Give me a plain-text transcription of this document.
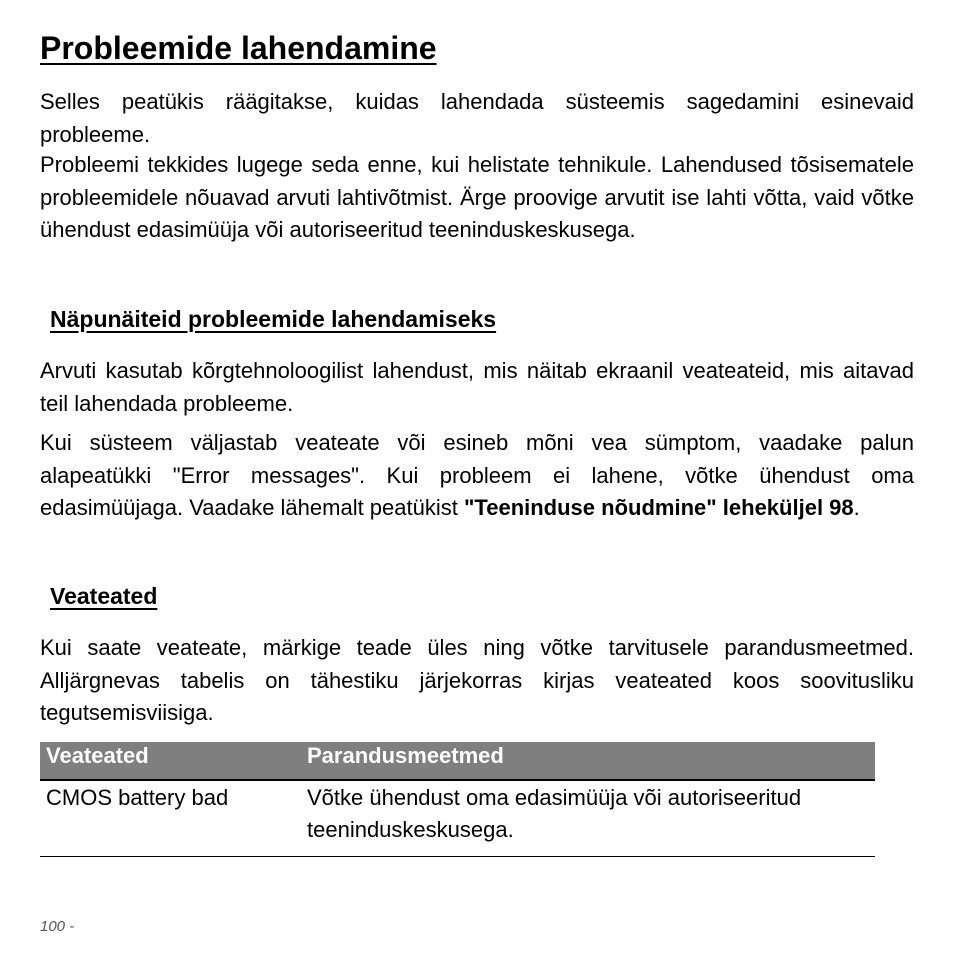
Probleemide lahendamine

Selles peatükis räägitakse, kuidas lahendada süsteemis sagedamini esinevaid probleeme.

Probleemi tekkides lugege seda enne, kui helistate tehnikule. Lahendused tõsisematele probleemidele nõuavad arvuti lahtivõtmist. Ärge proovige arvutit ise lahti võtta, vaid võtke ühendust edasimüüja või autoriseeritud teeninduskeskusega.

Näpunäiteid probleemide lahendamiseks

Arvuti kasutab kõrgtehnoloogilist lahendust, mis näitab ekraanil veateateid, mis aitavad teil lahendada probleeme.

Kui süsteem väljastab veateate või esineb mõni vea sümptom, vaadake palun alapeatükki "Error messages". Kui probleem ei lahene, võtke ühendust oma edasimüüjaga. Vaadake lähemalt peatükist "Teeninduse nõudmine" leheküljel 98.

Veateated

Kui saate veateate, märkige teade üles ning võtke tarvitusele parandusmeetmed. Alljärgnevas tabelis on tähestiku järjekorras kirjas veateated koos soovitusliku tegutsemisviisiga.

Veateated	Parandusmeetmed
CMOS battery bad	Võtke ühendust oma edasimüüja või autoriseeritud teeninduskeskusega.
100 -
